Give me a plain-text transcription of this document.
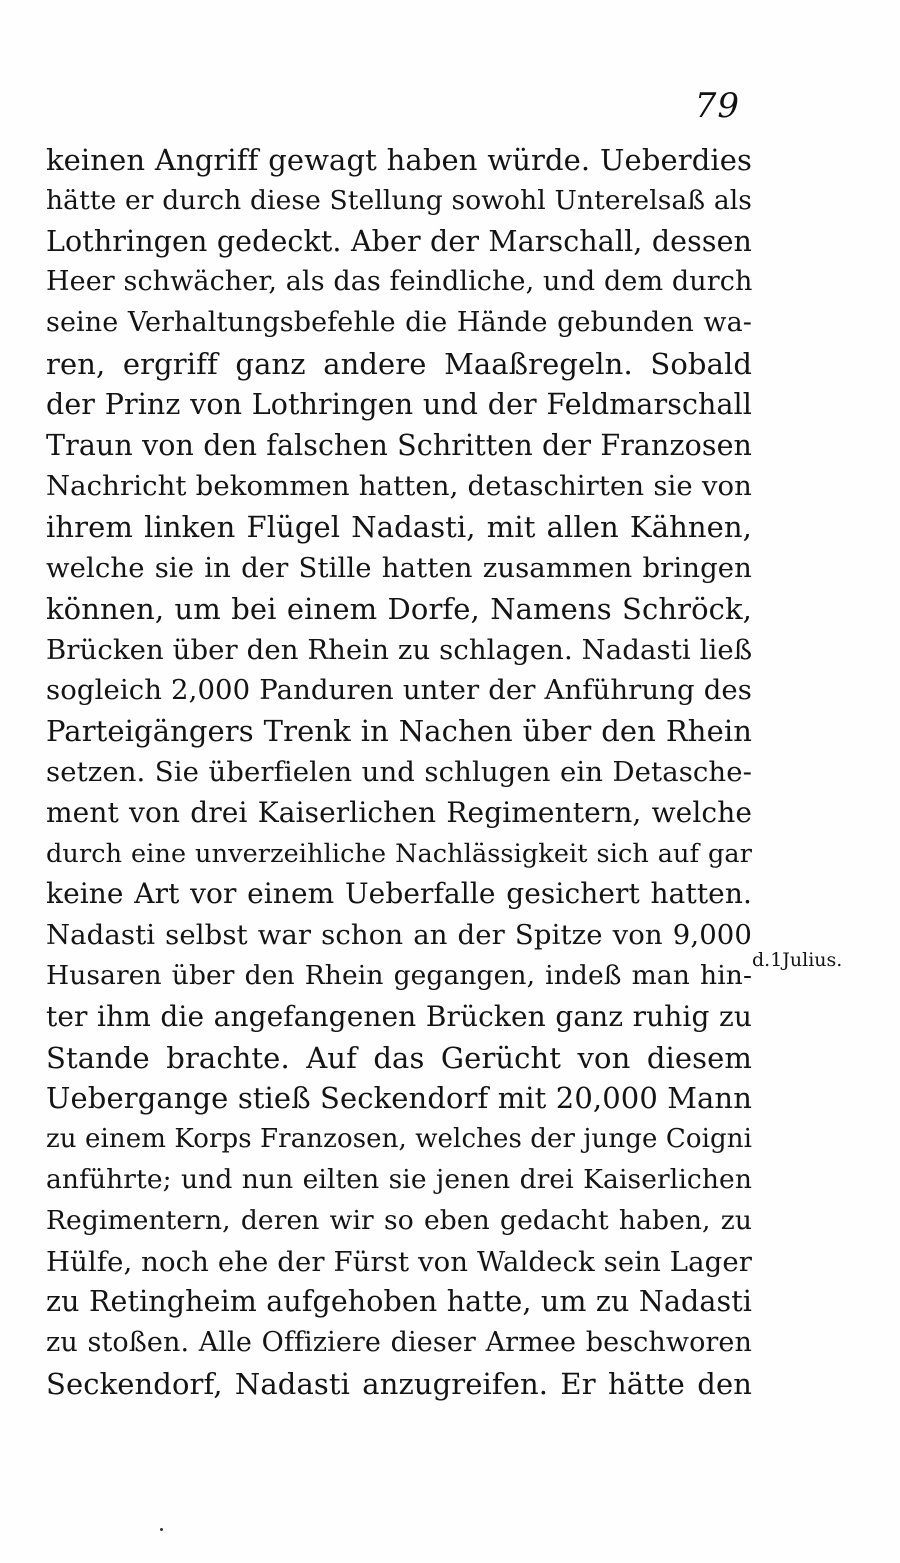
79
keinen Angriff gewagt haben würde. Ueberdies
hätte er durch diese Stellung sowohl Unterelsaß als
Lothringen gedeckt. Aber der Marschall, dessen
Heer schwächer, als das feindliche, und dem durch
seine Verhaltungsbefehle die Hände gebunden wa-
ren, ergriff ganz andere Maaßregeln. Sobald
der Prinz von Lothringen und der Feldmarschall
Traun von den falschen Schritten der Franzosen
Nachricht bekommen hatten, detaschirten sie von
ihrem linken Flügel Nadasti, mit allen Kähnen,
welche sie in der Stille hatten zusammen bringen
können, um bei einem Dorfe, Namens Schröck,
Brücken über den Rhein zu schlagen. Nadasti ließ
sogleich 2,000 Panduren unter der Anführung des
Parteigängers Trenk in Nachen über den Rhein
setzen. Sie überfielen und schlugen ein Detasche-
ment von drei Kaiserlichen Regimentern, welche
durch eine unverzeihliche Nachlässigkeit sich auf gar
keine Art vor einem Ueberfalle gesichert hatten.
Nadasti selbst war schon an der Spitze von 9,000
Husaren über den Rhein gegangen, indeß man hin-
ter ihm die angefangenen Brücken ganz ruhig zu
Stande brachte. Auf das Gerücht von diesem
Uebergange stieß Seckendorf mit 20,000 Mann
zu einem Korps Franzosen, welches der junge Coigni
anführte; und nun eilten sie jenen drei Kaiserlichen
Regimentern, deren wir so eben gedacht haben, zu
Hülfe, noch ehe der Fürst von Waldeck sein Lager
zu Retingheim aufgehoben hatte, um zu Nadasti
zu stoßen. Alle Offiziere dieser Armee beschworen
Seckendorf, Nadasti anzugreifen. Er hätte den
d.1Julius.
